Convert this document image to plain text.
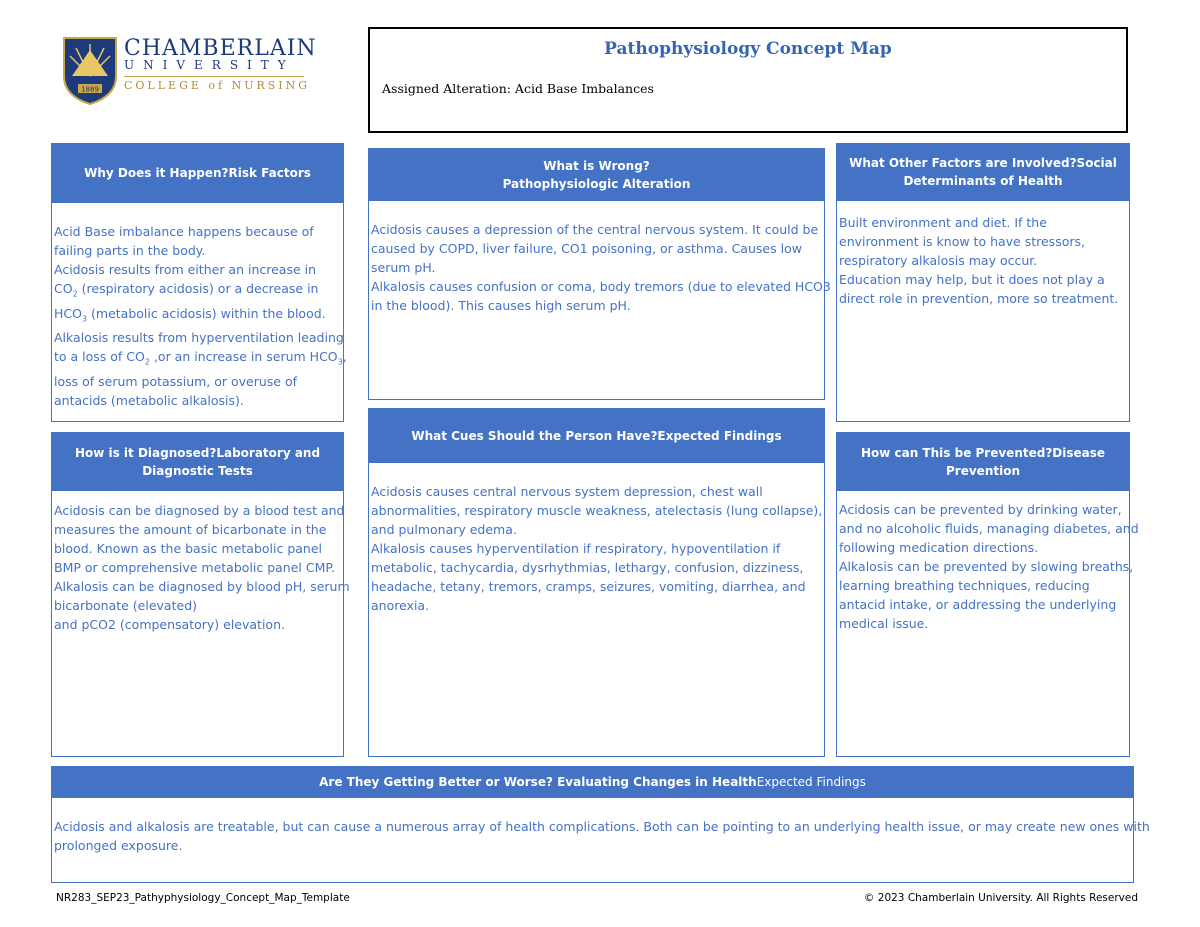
1889
CHAMBERLAIN
UNIVERSITY
COLLEGE of NURSING
Pathophysiology Concept Map
Assigned Alteration: Acid Base Imbalances
Why Does it Happen?Risk Factors
Acid Base imbalance happens because of
failing parts in the body.
Acidosis results from either an increase in
$CO_2$ (respiratory acidosis) or a decrease in
$HCO_3$ (metabolic acidosis) within the blood.
Alkalosis results from hyperventilation leading
to a loss of $CO_2$ ,or an increase in serum $HCO_3$,
loss of serum potassium, or overuse of
antacids (metabolic alkalosis).
What is Wrong?
Pathophysiologic Alteration
Acidosis causes a depression of the central nervous system. It could be
caused by COPD, liver failure, CO1 poisoning, or asthma. Causes low
serum pH.
Alkalosis causes confusion or coma, body tremors (due to elevated HCO3
in the blood). This causes high serum pH.
What Other Factors are Involved?Social
Determinants of Health
Built environment and diet. If the
environment is know to have stressors,
respiratory alkalosis may occur.
Education may help, but it does not play a
direct role in prevention, more so treatment.
How is it Diagnosed?Laboratory and
Diagnostic Tests
Acidosis can be diagnosed by a blood test and
measures the amount of bicarbonate in the
blood. Known as the basic metabolic panel
BMP or comprehensive metabolic panel CMP.
Alkalosis can be diagnosed by blood pH, serum
bicarbonate (elevated)
and pCO2 (compensatory) elevation.
What Cues Should the Person Have?Expected Findings
Acidosis causes central nervous system depression, chest wall
abnormalities, respiratory muscle weakness, atelectasis (lung collapse),
and pulmonary edema.
Alkalosis causes hyperventilation if respiratory, hypoventilation if
metabolic, tachycardia, dysrhythmias, lethargy, confusion, dizziness,
headache, tetany, tremors, cramps, seizures, vomiting, diarrhea, and
anorexia.
How can This be Prevented?Disease
Prevention
Acidosis can be prevented by drinking water,
and no alcoholic fluids, managing diabetes, and
following medication directions.
Alkalosis can be prevented by slowing breaths,
learning breathing techniques, reducing
antacid intake, or addressing the underlying
medical issue.
Are They Getting Better or Worse? Evaluating Changes in HealthExpected Findings
Acidosis and alkalosis are treatable, but can cause a numerous array of health complications. Both can be pointing to an underlying health issue, or may create new ones with
prolonged exposure.
NR283_SEP23_Pathyphysiology_Concept_Map_Template	© 2023 Chamberlain University. All Rights Reserved
